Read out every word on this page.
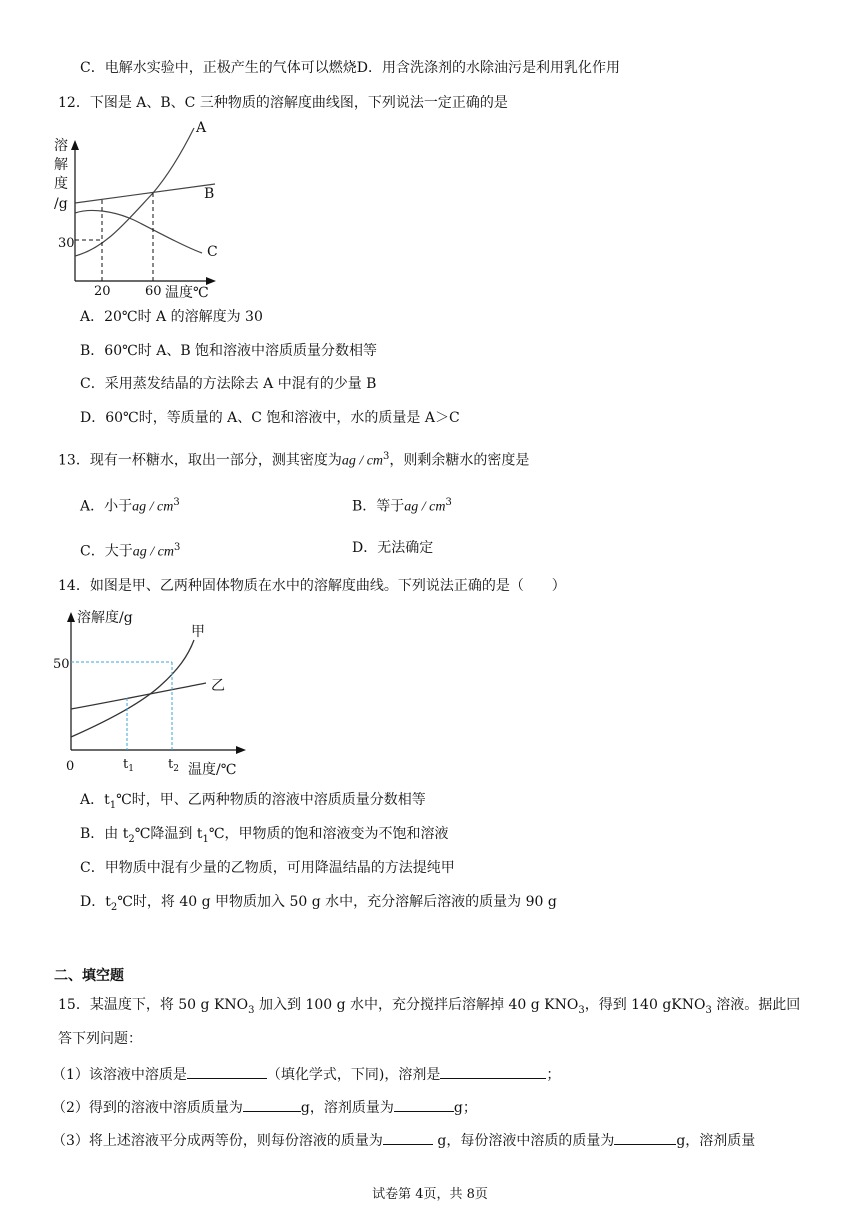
C．电解水实验中，正极产生的气体可以燃烧D．用含洗涤剂的水除油污是利用乳化作用
12．下图是 A、B、C 三种物质的溶解度曲线图，下列说法一定正确的是
溶
解
度
/g
30
A
B
C
20	60 温度℃
A．20℃时 A 的溶解度为 30
B．60℃时 A、B 饱和溶液中溶质质量分数相等
C．采用蒸发结晶的方法除去 A 中混有的少量 B
D．60℃时，等质量的 A、C 饱和溶液中，水的质量是 A＞C
13．现有一杯糖水，取出一部分，测其密度为ag / $cm^3$，则剩余糖水的密度是
A．小于ag / $cm^3$	B．等于ag / $cm^3$
C．大于ag / $cm^3$	D．无法确定
14．如图是甲、乙两种固体物质在水中的溶解度曲线。下列说法正确的是（　　）
溶解度/g
50
0
甲
乙
$t_1$	$t_2$ 温度/℃
A．$t_1℃$时，甲、乙两种物质的溶液中溶质质量分数相等
B．由 $t_2℃$降温到 $t_1℃$，甲物质的饱和溶液变为不饱和溶液
C．甲物质中混有少量的乙物质，可用降温结晶的方法提纯甲
D．$t_2℃$时，将 40 g 甲物质加入 50 g 水中，充分溶解后溶液的质量为 90 g
二、填空题
15．某温度下，将 50 g $KNO_3$ 加入到 100 g 水中，充分搅拌后溶解掉 40 g $KNO_3$，得到 140 gKNO$_3$ 溶液。据此回
答下列问题：
（1）该溶液中溶质是	（填化学式，下同)，溶剂是	；
（2）得到的溶液中溶质质量为	g，溶剂质量为	g；
（3）将上述溶液平分成两等份，则每份溶液的质量为	g，每份溶液中溶质的质量为	g，溶剂质量
试卷第 4页，共 8页
